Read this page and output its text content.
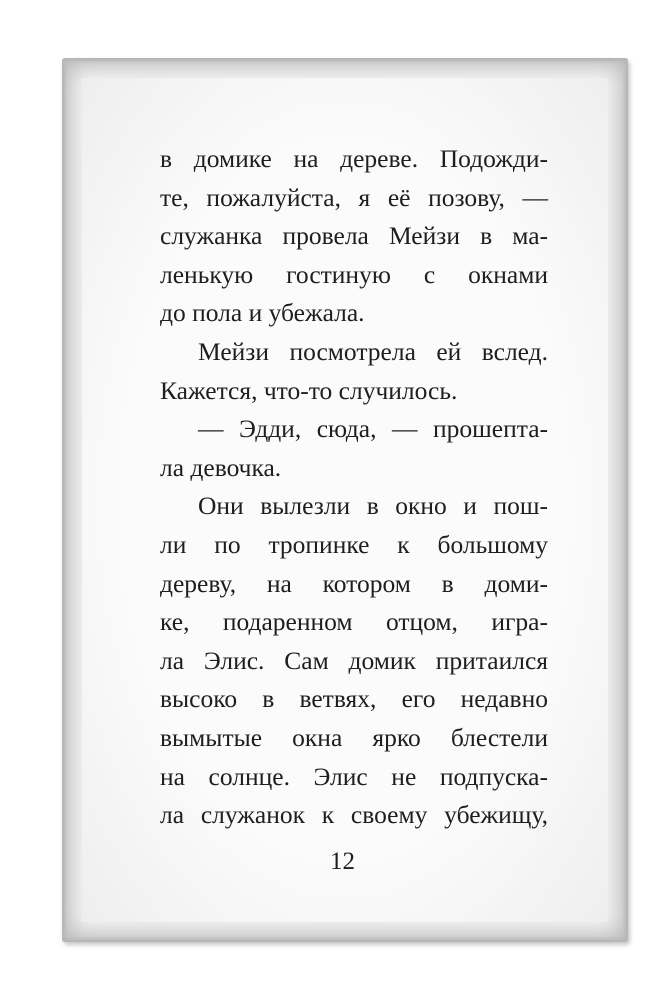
в домике на дереве. Подожди-
те, пожалуйста, я её позову, —
служанка провела Мейзи в ма-
ленькую гостиную с окнами
до пола и убежала.
Мейзи посмотрела ей вслед.
Кажется, что-то случилось.
— Эдди, сюда, — прошепта-
ла девочка.
Они вылезли в окно и пош-
ли по тропинке к большому
дереву, на котором в доми-
ке, подаренном отцом, игра-
ла Элис. Сам домик притаился
высоко в ветвях, его недавно
вымытые окна ярко блестели
на солнце. Элис не подпуска-
ла служанок к своему убежищу,
12
